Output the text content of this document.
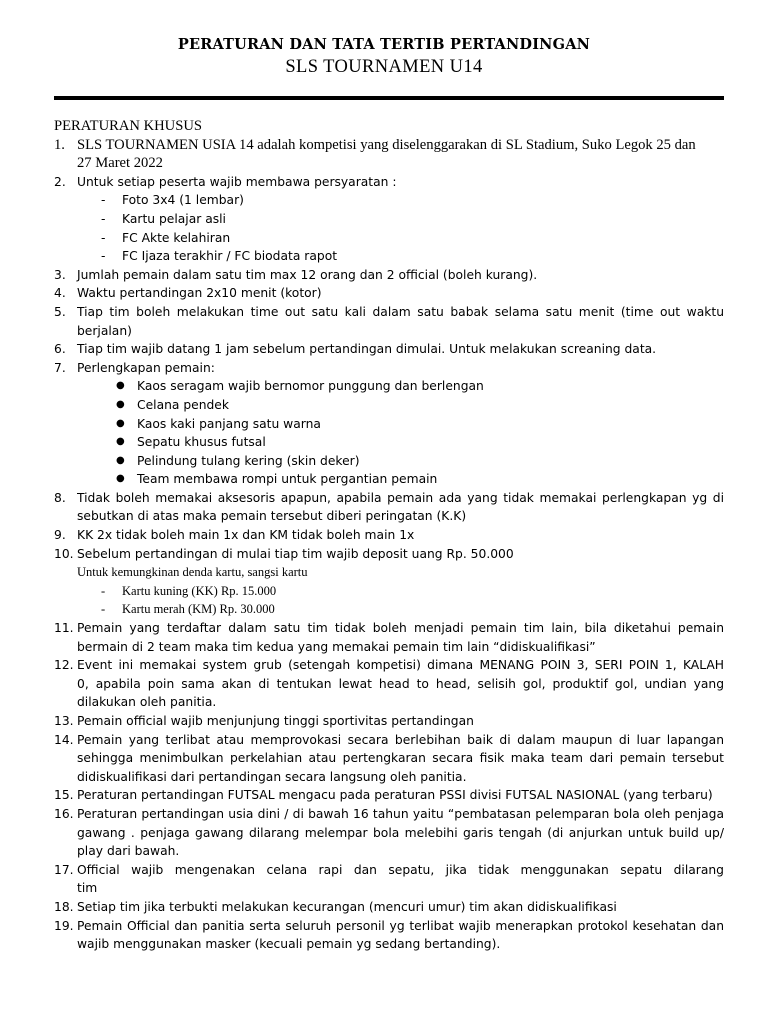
PERATURAN DAN TATA TERTIB PERTANDINGAN
SLS TOURNAMEN U14
PERATURAN KHUSUS
1. SLS TOURNAMEN USIA 14 adalah kompetisi yang diselenggarakan di SL Stadium, Suko Legok 25 dan
27 Maret 2022
2. Untuk setiap peserta wajib membawa persyaratan :
- Foto 3x4 (1 lembar)
- Kartu pelajar asli
- FC Akte kelahiran
- FC Ijaza terakhir / FC biodata rapot
3. Jumlah pemain dalam satu tim max 12 orang dan 2 official (boleh kurang).
4. Waktu pertandingan 2x10 menit (kotor)
5. Tiap tim boleh melakukan time out satu kali dalam satu babak selama satu menit (time out waktu
berjalan)
6. Tiap tim wajib datang 1 jam sebelum pertandingan dimulai. Untuk melakukan screaning data.
7. Perlengkapan pemain:
● Kaos seragam wajib bernomor punggung dan berlengan
● Celana pendek
● Kaos kaki panjang satu warna
● Sepatu khusus futsal
● Pelindung tulang kering (skin deker)
● Team membawa rompi untuk pergantian pemain
8. Tidak boleh memakai aksesoris apapun, apabila pemain ada yang tidak memakai perlengkapan yg di
sebutkan di atas maka pemain tersebut diberi peringatan (K.K)
9. KK 2x tidak boleh main 1x dan KM tidak boleh main 1x
10. Sebelum pertandingan di mulai tiap tim wajib deposit uang Rp. 50.000
Untuk kemungkinan denda kartu, sangsi kartu
- Kartu kuning (KK) Rp. 15.000
- Kartu merah (KM) Rp. 30.000
11. Pemain yang terdaftar dalam satu tim tidak boleh menjadi pemain tim lain, bila diketahui pemain
bermain di 2 team maka tim kedua yang memakai pemain tim lain “didiskualifikasi”
12. Event ini memakai system grub (setengah kompetisi) dimana MENANG POIN 3, SERI POIN 1, KALAH
0, apabila poin sama akan di tentukan lewat head to head, selisih gol, produktif gol, undian yang
dilakukan oleh panitia.
13. Pemain official wajib menjunjung tinggi sportivitas pertandingan
14. Pemain yang terlibat atau memprovokasi secara berlebihan baik di dalam maupun di luar lapangan
sehingga menimbulkan perkelahian atau pertengkaran secara fisik maka team dari pemain tersebut
didiskualifikasi dari pertandingan secara langsung oleh panitia.
15. Peraturan pertandingan FUTSAL mengacu pada peraturan PSSI divisi FUTSAL NASIONAL (yang terbaru)
16. Peraturan pertandingan usia dini / di bawah 16 tahun yaitu “pembatasan pelemparan bola oleh penjaga
gawang . penjaga gawang dilarang melempar bola melebihi garis tengah (di anjurkan untuk build up/
play dari bawah.
17. Official wajib mengenakan celana rapi dan sepatu, jika tidak menggunakan sepatu dilarang
tim
18. Setiap tim jika terbukti melakukan kecurangan (mencuri umur) tim akan didiskualifikasi
19. Pemain Official dan panitia serta seluruh personil yg terlibat wajib menerapkan protokol kesehatan dan
wajib menggunakan masker (kecuali pemain yg sedang bertanding).
